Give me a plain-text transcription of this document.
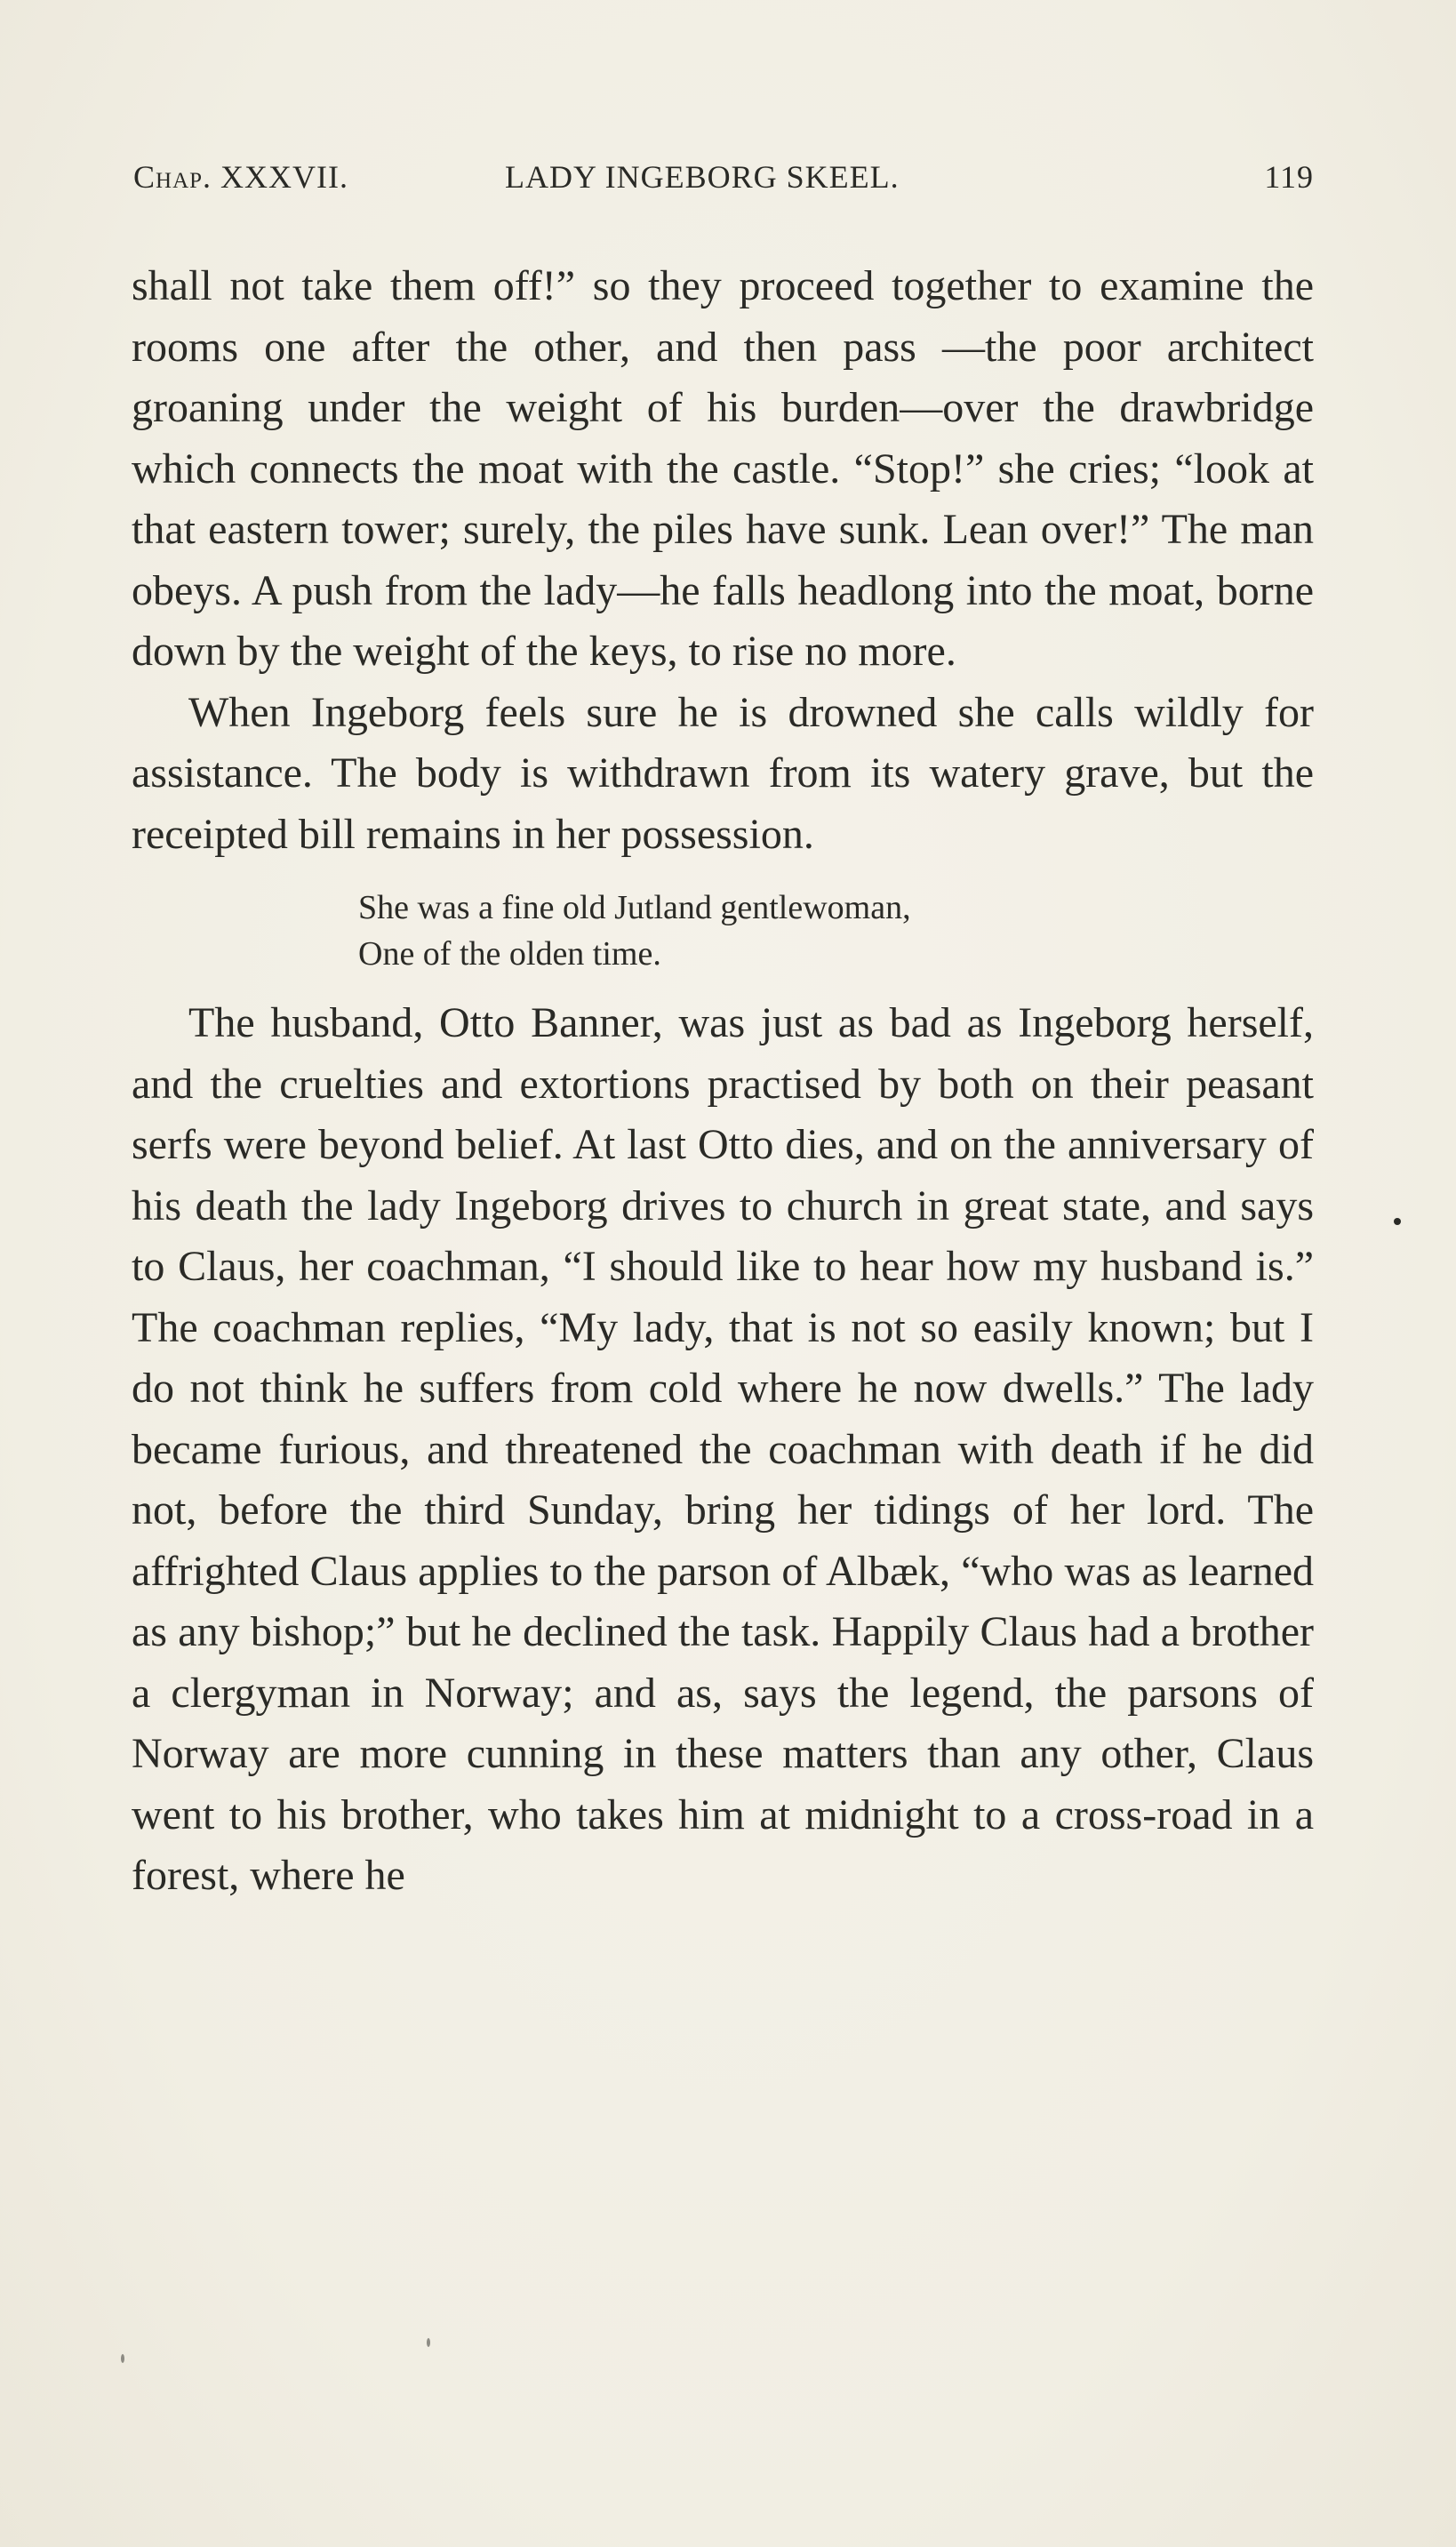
Chap. XXXVII.	LADY INGEBORG SKEEL.	119

shall not take them off!” so they proceed together to examine the rooms one after the other, and then pass —the poor architect groaning under the weight of his burden—over the drawbridge which connects the moat with the castle. “Stop!” she cries; “look at that eastern tower; surely, the piles have sunk. Lean over!” The man obeys. A push from the lady—he falls headlong into the moat, borne down by the weight of the keys, to rise no more.

When Ingeborg feels sure he is drowned she calls wildly for assistance. The body is withdrawn from its watery grave, but the receipted bill remains in her possession.

She was a fine old Jutland gentlewoman,
One of the olden time.

The husband, Otto Banner, was just as bad as Ingeborg herself, and the cruelties and extortions practised by both on their peasant serfs were beyond belief. At last Otto dies, and on the anniversary of his death the lady Ingeborg drives to church in great state, and says to Claus, her coachman, “I should like to hear how my husband is.” The coachman replies, “My lady, that is not so easily known; but I do not think he suffers from cold where he now dwells.” The lady became furious, and threatened the coachman with death if he did not, before the third Sunday, bring her tidings of her lord. The affrighted Claus applies to the parson of Albæk, “who was as learned as any bishop;” but he declined the task. Happily Claus had a brother a clergyman in Norway; and as, says the legend, the parsons of Norway are more cunning in these matters than any other, Claus went to his brother, who takes him at midnight to a cross-road in a forest, where he
